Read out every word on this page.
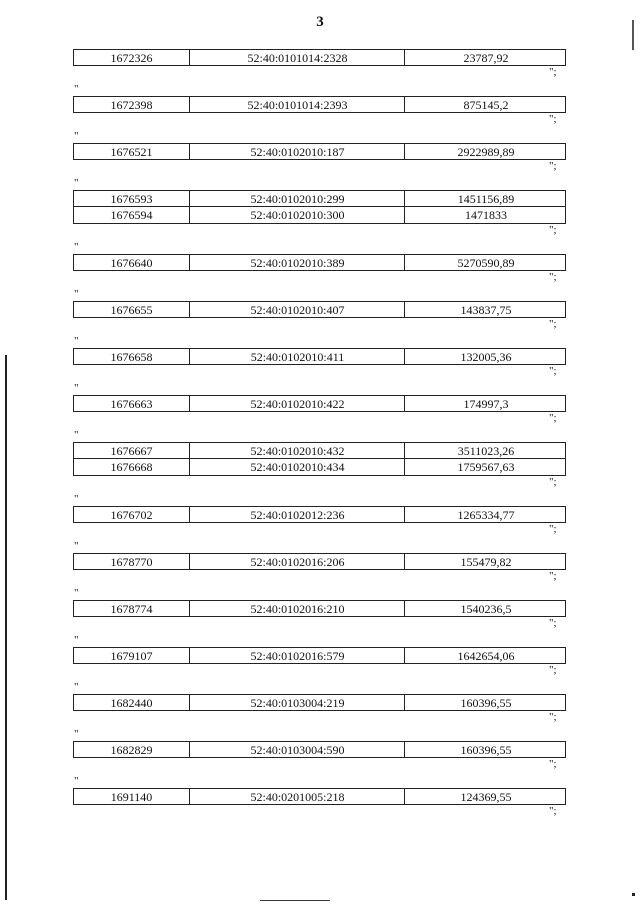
3
1672326	52:40:0101014:2328	23787,92
";
"
1672398	52:40:0101014:2393	875145,2
";
"
1676521	52:40:0102010:187	2922989,89
";
"
1676593	52:40:0102010:299	1451156,89
1676594	52:40:0102010:300	1471833
";
"
1676640	52:40:0102010:389	5270590,89
";
"
1676655	52:40:0102010:407	143837,75
";
"
1676658	52:40:0102010:411	132005,36
";
"
1676663	52:40:0102010:422	174997,3
";
"
1676667	52:40:0102010:432	3511023,26
1676668	52:40:0102010:434	1759567,63
";
"
1676702	52:40:0102012:236	1265334,77
";
"
1678770	52:40:0102016:206	155479,82
";
"
1678774	52:40:0102016:210	1540236,5
";
"
1679107	52:40:0102016:579	1642654,06
";
"
1682440	52:40:0103004:219	160396,55
";
"
1682829	52:40:0103004:590	160396,55
";
"
1691140	52:40:0201005:218	124369,55
";
